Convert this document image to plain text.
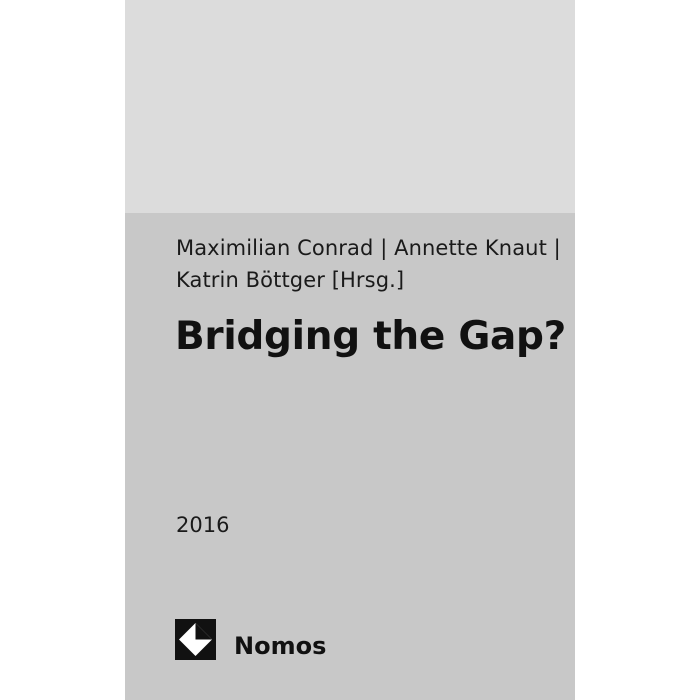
Maximilian Conrad | Annette Knaut |
Katrin Böttger [Hrsg.]
Bridging the Gap?
2016
Nomos
